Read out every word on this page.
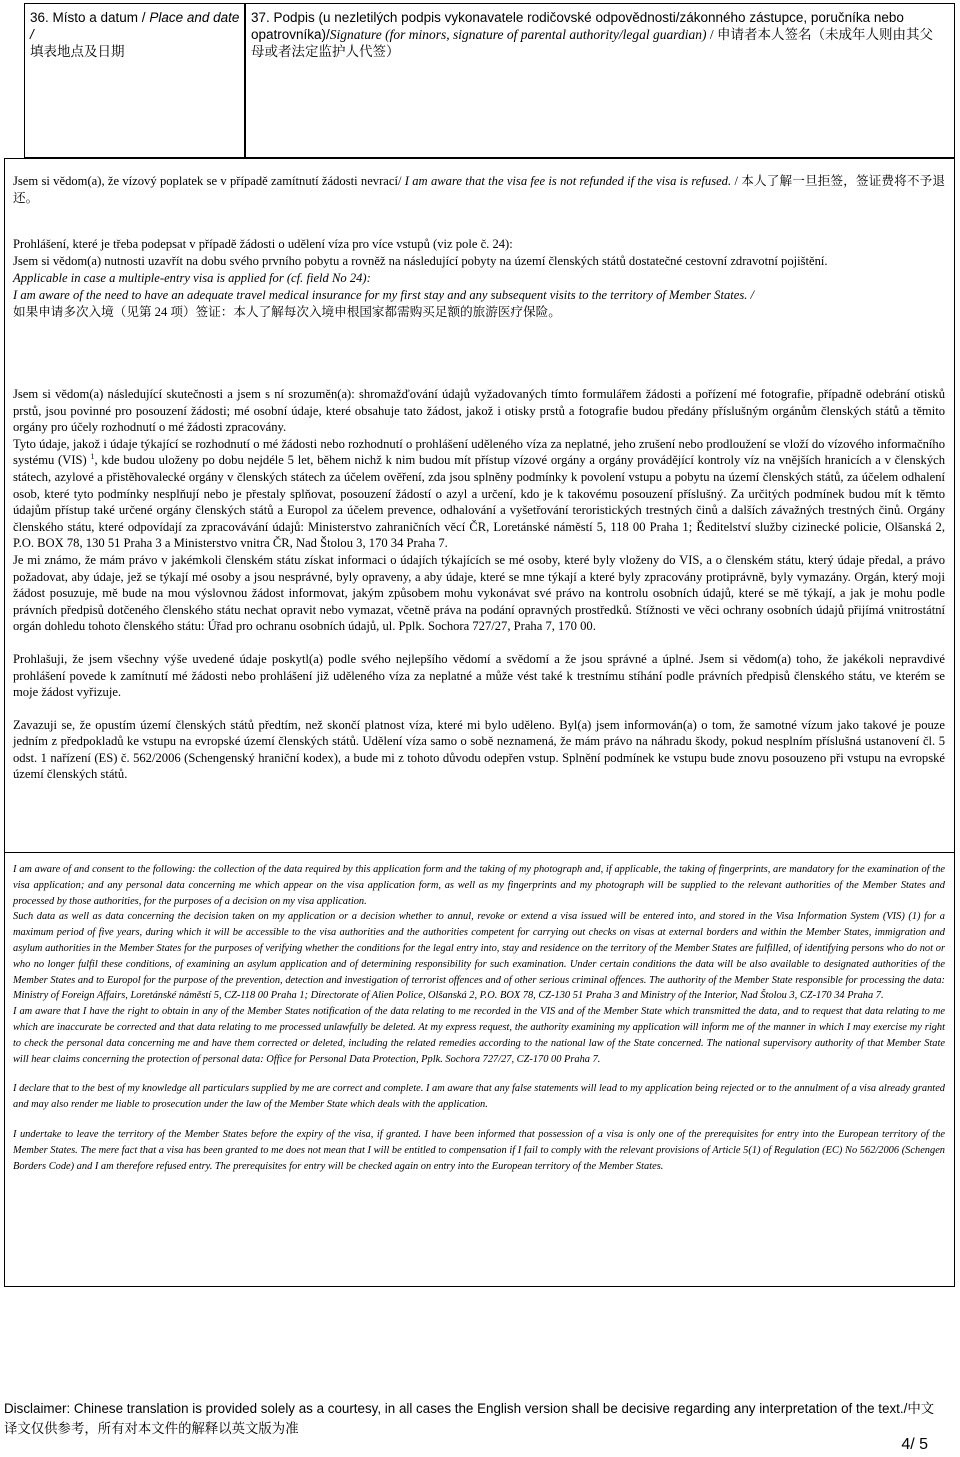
36. Místo a datum / Place and date /
填表地点及日期
37. Podpis (u nezletilých podpis vykonavatele rodičovské odpovědnosti/zákonného zástupce, poručníka nebo opatrovníka)/Signature (for minors, signature of parental authority/legal guardian) / 申请者本人签名（未成年人则由其父母或者法定监护人代签）

Jsem si vědom(a), že vízový poplatek se v případě zamítnutí žádosti nevrací/ I am aware that the visa fee is not refunded if the visa is refused. / 本人了解一旦拒签，签证费将不予退还。

Prohlášení, které je třeba podepsat v případě žádosti o udělení víza pro více vstupů (viz pole č. 24):

Jsem si vědom(a) nutnosti uzavřít na dobu svého prvního pobytu a rovněž na následující pobyty na území členských států dostatečné cestovní zdravotní pojištění.

Applicable in case a multiple-entry visa is applied for (cf. field No 24):

I am aware of the need to have an adequate travel medical insurance for my first stay and any subsequent visits to the territory of Member States. /

如果申请多次入境（见第 24 项）签证：本人了解每次入境申根国家都需购买足额的旅游医疗保险。

Jsem si vědom(a) následující skutečnosti a jsem s ní srozuměn(a): shromažďování údajů vyžadovaných tímto formulářem žádosti a pořízení mé fotografie, případně odebrání otisků prstů, jsou povinné pro posouzení žádosti; mé osobní údaje, které obsahuje tato žádost, jakož i otisky prstů a fotografie budou předány příslušným orgánům členských států a těmito orgány pro účely rozhodnutí o mé žádosti zpracovány.

Tyto údaje, jakož i údaje týkající se rozhodnutí o mé žádosti nebo rozhodnutí o prohlášení uděleného víza za neplatné, jeho zrušení nebo prodloužení se vloží do vízového informačního systému (VIS) $^1$, kde budou uloženy po dobu nejdéle 5 let, během nichž k nim budou mít přístup vízové orgány a orgány provádějící kontroly víz na vnějších hranicích a v členských státech, azylové a přistěhovalecké orgány v členských státech za účelem ověření, zda jsou splněny podmínky k povolení vstupu a pobytu na území členských států, za účelem odhalení osob, které tyto podmínky nesplňují nebo je přestaly splňovat, posouzení žádostí o azyl a určení, kdo je k takovému posouzení příslušný. Za určitých podmínek budou mít k těmto údajům přístup také určené orgány členských států a Europol za účelem prevence, odhalování a vyšetřování teroristických trestných činů a dalších závažných trestných činů. Orgány členského státu, které odpovídají za zpracovávání údajů: Ministerstvo zahraničních věcí ČR, Loretánské náměstí 5, 118 00 Praha 1; Ředitelství služby cizinecké policie, Olšanská 2, P.O. BOX 78, 130 51 Praha 3 a Ministerstvo vnitra ČR, Nad Štolou 3, 170 34 Praha 7.

Je mi známo, že mám právo v jakémkoli členském státu získat informaci o údajích týkajících se mé osoby, které byly vloženy do VIS, a o členském státu, který údaje předal, a právo požadovat, aby údaje, jež se týkají mé osoby a jsou nesprávné, byly opraveny, a aby údaje, které se mne týkají a které byly zpracovány protiprávně, byly vymazány. Orgán, který moji žádost posuzuje, mě bude na mou výslovnou žádost informovat, jakým způsobem mohu vykonávat své právo na kontrolu osobních údajů, které se mě týkají, a jak je mohu podle právních předpisů dotčeného členského státu nechat opravit nebo vymazat, včetně práva na podání opravných prostředků. Stížnosti ve věci ochrany osobních údajů přijímá vnitrostátní orgán dohledu tohoto členského státu: Úřad pro ochranu osobních údajů, ul. Pplk. Sochora 727/27, Praha 7, 170 00.

Prohlašuji, že jsem všechny výše uvedené údaje poskytl(a) podle svého nejlepšího vědomí a svědomí a že jsou správné a úplné. Jsem si vědom(a) toho, že jakékoli nepravdivé prohlášení povede k zamítnutí mé žádosti nebo prohlášení již uděleného víza za neplatné a může vést také k trestnímu stíhání podle právních předpisů členského státu, ve kterém se moje žádost vyřizuje.

Zavazuji se, že opustím území členských států předtím, než skončí platnost víza, které mi bylo uděleno. Byl(a) jsem informován(a) o tom, že samotné vízum jako takové je pouze jedním z předpokladů ke vstupu na evropské území členských států. Udělení víza samo o sobě neznamená, že mám právo na náhradu škody, pokud nesplním příslušná ustanovení čl. 5 odst. 1 nařízení (ES) č. 562/2006 (Schengenský hraniční kodex), a bude mi z tohoto důvodu odepřen vstup. Splnění podmínek ke vstupu bude znovu posouzeno při vstupu na evropské území členských států.

I am aware of and consent to the following: the collection of the data required by this application form and the taking of my photograph and, if applicable, the taking of fingerprints, are mandatory for the examination of the visa application; and any personal data concerning me which appear on the visa application form, as well as my fingerprints and my photograph will be supplied to the relevant authorities of the Member States and processed by those authorities, for the purposes of a decision on my visa application.

Such data as well as data concerning the decision taken on my application or a decision whether to annul, revoke or extend a visa issued will be entered into, and stored in the Visa Information System (VIS) (1) for a maximum period of five years, during which it will be accessible to the visa authorities and the authorities competent for carrying out checks on visas at external borders and within the Member States, immigration and asylum authorities in the Member States for the purposes of verifying whether the conditions for the legal entry into, stay and residence on the territory of the Member States are fulfilled, of identifying persons who do not or who no longer fulfil these conditions, of examining an asylum application and of determining responsibility for such examination. Under certain conditions the data will be also available to designated authorities of the Member States and to Europol for the purpose of the prevention, detection and investigation of terrorist offences and of other serious criminal offences. The authority of the Member State responsible for processing the data: Ministry of Foreign Affairs, Loretánské náměstí 5, CZ-118 00 Praha 1; Directorate of Alien Police, Olšanská 2, P.O. BOX 78, CZ-130 51 Praha 3 and Ministry of the Interior, Nad Štolou 3, CZ-170 34 Praha 7.

I am aware that I have the right to obtain in any of the Member States notification of the data relating to me recorded in the VIS and of the Member State which transmitted the data, and to request that data relating to me which are inaccurate be corrected and that data relating to me processed unlawfully be deleted. At my express request, the authority examining my application will inform me of the manner in which I may exercise my right to check the personal data concerning me and have them corrected or deleted, including the related remedies according to the national law of the State concerned. The national supervisory authority of that Member State will hear claims concerning the protection of personal data: Office for Personal Data Protection, Pplk. Sochora 727/27, CZ-170 00 Praha 7.

I declare that to the best of my knowledge all particulars supplied by me are correct and complete. I am aware that any false statements will lead to my application being rejected or to the annulment of a visa already granted and may also render me liable to prosecution under the law of the Member State which deals with the application.

I undertake to leave the territory of the Member States before the expiry of the visa, if granted. I have been informed that possession of a visa is only one of the prerequisites for entry into the European territory of the Member States. The mere fact that a visa has been granted to me does not mean that I will be entitled to compensation if I fail to comply with the relevant provisions of Article 5(1) of Regulation (EC) No 562/2006 (Schengen Borders Code) and I am therefore refused entry. The prerequisites for entry will be checked again on entry into the European territory of the Member States.

Disclaimer: Chinese translation is provided solely as a courtesy, in all cases the English version shall be decisive regarding any interpretation of the text./中文译文仅供参考，所有对本文件的解释以英文版为准
4/ 5
